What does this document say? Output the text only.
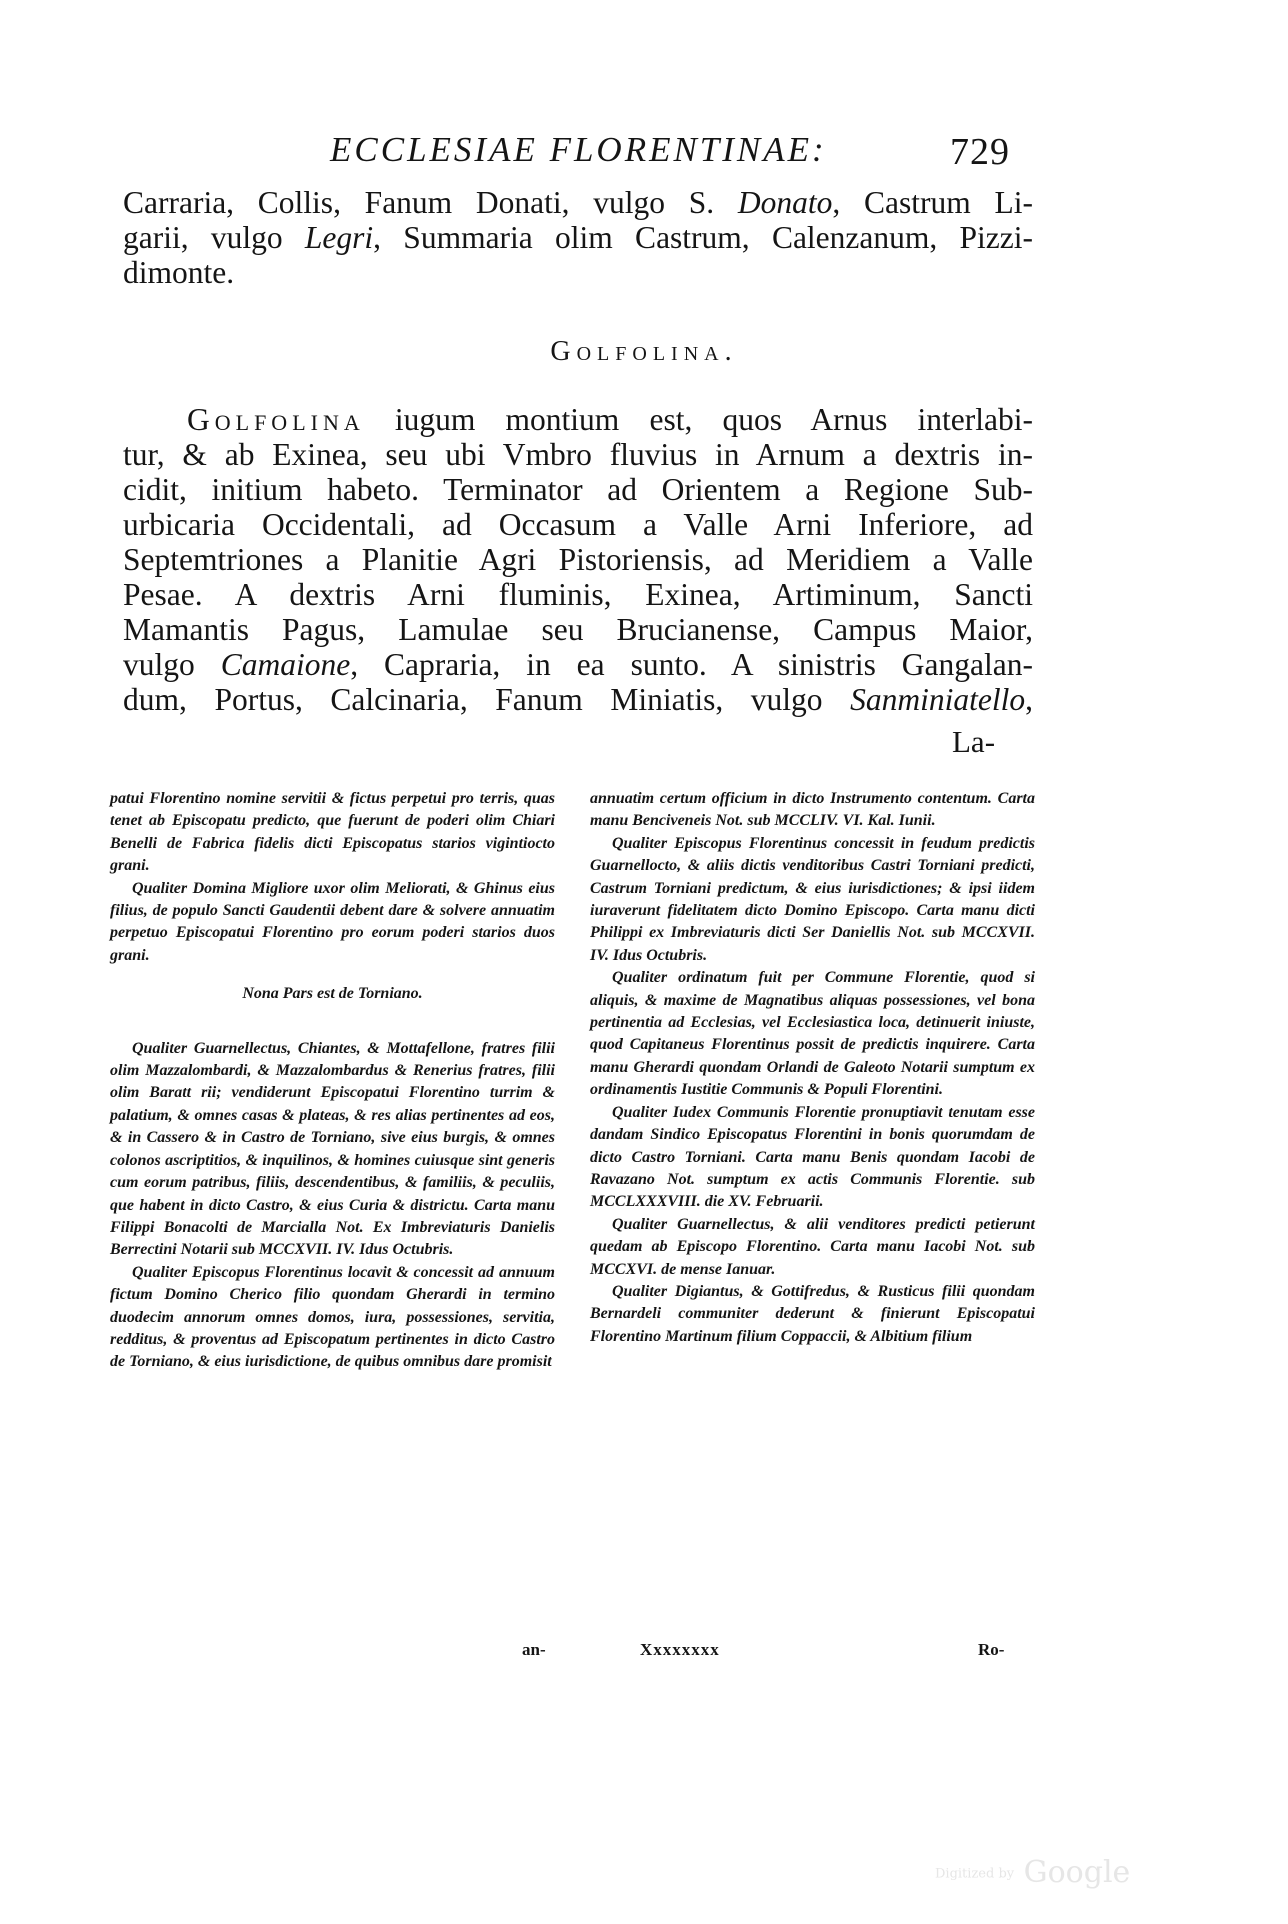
ECCLESIAE FLORENTINAE:	729
Carraria, Collis, Fanum Donati, vulgo S. Donato, Castrum Li-
garii, vulgo Legri, Summaria olim Castrum, Calenzanum, Pizzi-
dimonte.
Golfolina.
Golfolina iugum montium est, quos Arnus interlabi-
tur, & ab Exinea, seu ubi Vmbro fluvius in Arnum a dextris in-
cidit, initium habeto. Terminator ad Orientem a Regione Sub-
urbicaria Occidentali, ad Occasum a Valle Arni Inferiore, ad
Septemtriones a Planitie Agri Pistoriensis, ad Meridiem a Valle
Pesae. A dextris Arni fluminis, Exinea, Artiminum, Sancti
Mamantis Pagus, Lamulae seu Brucianense, Campus Maior,
vulgo Camaione, Capraria, in ea sunto. A sinistris Gangalan-
dum, Portus, Calcinaria, Fanum Miniatis, vulgo Sanminiatello,
La-

patui Florentino nomine servitii & fictus perpetui pro terris, quas tenet ab Episcopatu predicto, que fuerunt de poderi olim Chiari Benelli de Fabrica fidelis dicti Episcopatus starios vigintiocto grani.

Qualiter Domina Migliore uxor olim Meliorati, & Ghinus eius filius, de populo Sancti Gaudentii debent dare & solvere annuatim perpetuo Episcopatui Florentino pro eorum poderi starios duos grani.

Nona Pars est de Torniano.

Qualiter Guarnellectus, Chiantes, & Mottafellone, fratres filii olim Mazzalombardi, & Mazzalombardus & Renerius fratres, filii olim Baratt rii; vendiderunt Episcopatui Florentino turrim & palatium, & omnes casas & plateas, & res alias pertinentes ad eos, & in Cassero & in Castro de Torniano, sive eius burgis, & omnes colonos ascriptitios, & inquilinos, & homines cuiusque sint generis cum eorum patribus, filiis, descendentibus, & familiis, & peculiis, que habent in dicto Castro, & eius Curia & districtu. Carta manu Filippi Bonacolti de Marcialla Not. Ex Imbreviaturis Danielis Berrectini Notarii sub MCCXVII. IV. Idus Octubris.

Qualiter Episcopus Florentinus locavit & concessit ad annuum fictum Domino Cherico filio quondam Gherardi in termino duodecim annorum omnes domos, iura, possessiones, servitia, redditus, & proventus ad Episcopatum pertinentes in dicto Castro de Torniano, & eius iurisdictione, de quibus omnibus dare promisit

an-

annuatim certum officium in dicto Instrumento contentum. Carta manu Benciveneis Not. sub MCCLIV. VI. Kal. Iunii.

Qualiter Episcopus Florentinus concessit in feudum predictis Guarnellocto, & aliis dictis venditoribus Castri Torniani predicti, Castrum Torniani predictum, & eius iurisdictiones; & ipsi iidem iuraverunt fidelitatem dicto Domino Episcopo. Carta manu dicti Philippi ex Imbreviaturis dicti Ser Daniellis Not. sub MCCXVII. IV. Idus Octubris.

Qualiter ordinatum fuit per Commune Florentie, quod si aliquis, & maxime de Magnatibus aliquas possessiones, vel bona pertinentia ad Ecclesias, vel Ecclesiastica loca, detinuerit iniuste, quod Capitaneus Florentinus possit de predictis inquirere. Carta manu Gherardi quondam Orlandi de Galeoto Notarii sumptum ex ordinamentis Iustitie Communis & Populi Florentini.

Qualiter Iudex Communis Florentie pronuptiavit tenutam esse dandam Sindico Episcopatus Florentini in bonis quorumdam de dicto Castro Torniani. Carta manu Benis quondam Iacobi de Ravazano Not. sumptum ex actis Communis Florentie. sub MCCLXXXVIII. die XV. Februarii.

Qualiter Guarnellectus, & alii venditores predicti petierunt quedam ab Episcopo Florentino. Carta manu Iacobi Not. sub MCCXVI. de mense Ianuar.

Qualiter Digiantus, & Gottifredus, & Rusticus filii quondam Bernardeli communiter dederunt & finierunt Episcopatui Florentino Martinum filium Coppaccii, & Albitium filium

Xxxxxxxx	Ro-
Digitized by Google
